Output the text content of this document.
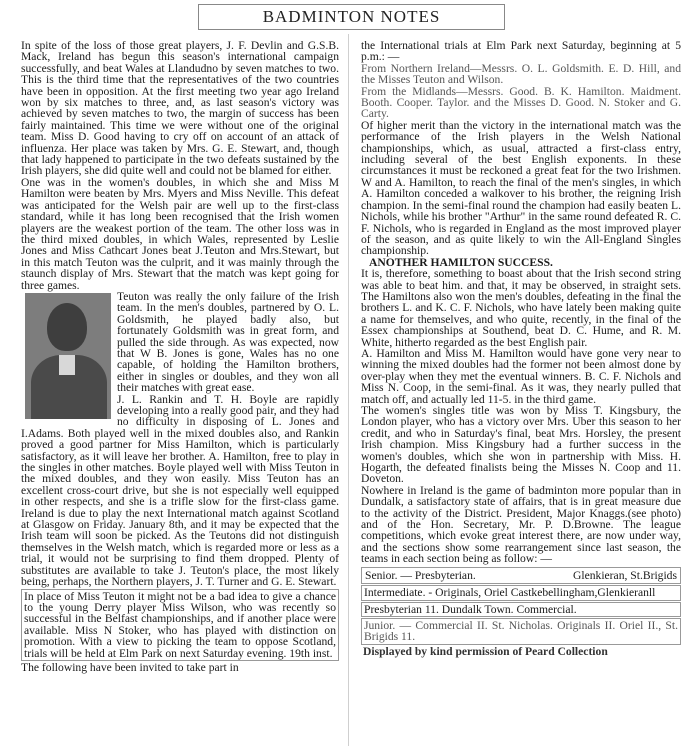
BADMINTON NOTES

In spite of the loss of those great players, J. F. Devlin and G.S.B. Mack, Ireland has begun this season's international campaign successfully, and beat Wales at Llandudno by seven matches to two. This is the third time that the representatives of the two countries have been in opposition. At the first meeting two year ago Ireland won by six matches to three, and, as last season's victory was achieved by seven matches to two, the margin of success has been fairly maintained. This time we were without one of the original team. Miss D. Good having to cry off on account of an attack of influenza. Her place was taken by Mrs. G. E. Stewart, and, though that lady happened to participate in the two defeats sustained by the Irish players, she did quite well and could not be blamed for either.

One was in the women's doubles, in which she and Miss M Hamilton were beaten by Mrs. Myers and Miss Neville. This defeat was anticipated for the Welsh pair are well up to the first-class standard, while it has long been recognised that the Irish women players are the weakest portion of the team. The other loss was in the third mixed doubles, in which Wales, represented by Leslie Jones and Miss Cathcart Jones beat J.Teuton and Mrs.Stewart, but in this match Teuton was the culprit, and it was mainly through the staunch display of Mrs. Stewart that the match was kept going for three games.

Teuton was really the only failure of the Irish team. In the men's doubles, partnered by O. L. Goldsmith, he played badly also, but fortunately Goldsmith was in great form, and pulled the side through. As was expected, now that W B. Jones is gone, Wales has no one capable, of holding the Hamilton brothers, either in singles or doubles, and they won all their matches with great ease.

J. L. Rankin and T. H. Boyle are rapidly developing into a really good pair, and they had no difficulty in disposing of L. Jones and I.Adams. Both played well in the mixed doubles also, and Rankin proved a good partner for Miss Hamilton, which is particularly satisfactory, as it will leave her brother. A. Hamilton, free to play in the singles in other matches. Boyle played well with Miss Teuton in the mixed doubles, and they won easily. Miss Teuton has an excellent cross-court drive, but she is not especially well equipped in other respects, and she is a trifle slow for the first-class game. Ireland is due to play the next International match against Scotland at Glasgow on Friday. January 8th, and it may be expected that the Irish team will soon be picked. As the Teutons did not distinguish themselves in the Welsh match, which is regarded more or less as a trial, it would not be surprising to find them dropped. Plenty of substitutes are available to take J. Teuton's place, the most likely being, perhaps, the Northern players, J. T. Turner and G. E. Stewart.

In place of Miss Teuton it might not be a bad idea to give a chance to the young Derry player Miss Wilson, who was recently so successful in the Belfast championships, and if another place were available. Miss N Stoker, who has played with distinction on promotion. With a view to picking the team to oppose Scotland, trials will be held at Elm Park on next Saturday evening. 19th inst.

The following have been invited to take part in

the International trials at Elm Park next Saturday, beginning at 5 p.m.: —

From Northern Ireland—Messrs. O. L. Goldsmith. E. D. Hill, and the Misses Teuton and Wilson.

From the Midlands—Messrs. Good. B. K. Hamilton. Maidment. Booth. Cooper. Taylor. and the Misses D. Good. N. Stoker and G. Carty.

Of higher merit than the victory in the international match was the performance of the Irish players in the Welsh National championships, which, as usual, attracted a first-class entry, including several of the best English exponents. In these circumstances it must be reckoned a great feat for the two Irishmen. W and A. Hamilton, to reach the final of the men's singles, in which A. Hamilton conceded a walkover to his brother, the reigning Irish champion. In the semi-final round the champion had easily beaten L. Nichols, while his brother "Arthur" in the same round defeated R. C. F. Nichols, who is regarded in England as the most improved player of the season, and as quite likely to win the All-England Singles championship.

ANOTHER HAMILTON SUCCESS.

It is, therefore, something to boast about that the Irish second string was able to beat him. and that, it may be observed, in straight sets. The Hamiltons also won the men's doubles, defeating in the final the brothers L. and K. C. F. Nichols, who have lately been making quite a name for themselves, and who quite, recently, in the final of the Essex championships at Southend, beat D. C. Hume, and R. M. White, hitherto regarded as the best English pair.

A. Hamilton and Miss M. Hamilton would have gone very near to winning the mixed doubles had the former not been almost done by over-play when they met the eventual winners. B. C. F. Nichols and Miss N. Coop, in the semi-final. As it was, they nearly pulled that match off, and actually led 11-5. in the third game.

The women's singles title was won by Miss T. Kingsbury, the London player, who has a victory over Mrs. Uber this season to her credit, and who in Saturday's final, beat Mrs. Horsley, the present Irish champion. Miss Kingsbury had a further success in the women's doubles, which she won in partnership with Miss. H. Hogarth, the defeated finalists being the Misses N. Coop and 11. Doveton.

Nowhere in Ireland is the game of badminton more popular than in Dundalk, a satisfactory state of affairs, that is in great measure due to the activity of the District. President, Major Knaggs.(see photo) and of the Hon. Secretary, Mr. P. D.Browne. The league competitions, which evoke great interest there, are now under way, and the sections show some rearrangement since last season, the teams in each section being as follow: —

Senior. — Presbyterian.	Glenkieran, St.Brigids
Intermediate. - Originals, Oriel Castkebellingham,Glenkieranll
Presbyterian 11. Dundalk Town. Commercial.
Junior. — Commercial II. St. Nicholas. Originals II. Oriel II., St. Brigids 11.
Displayed by kind permission of Peard Collection
